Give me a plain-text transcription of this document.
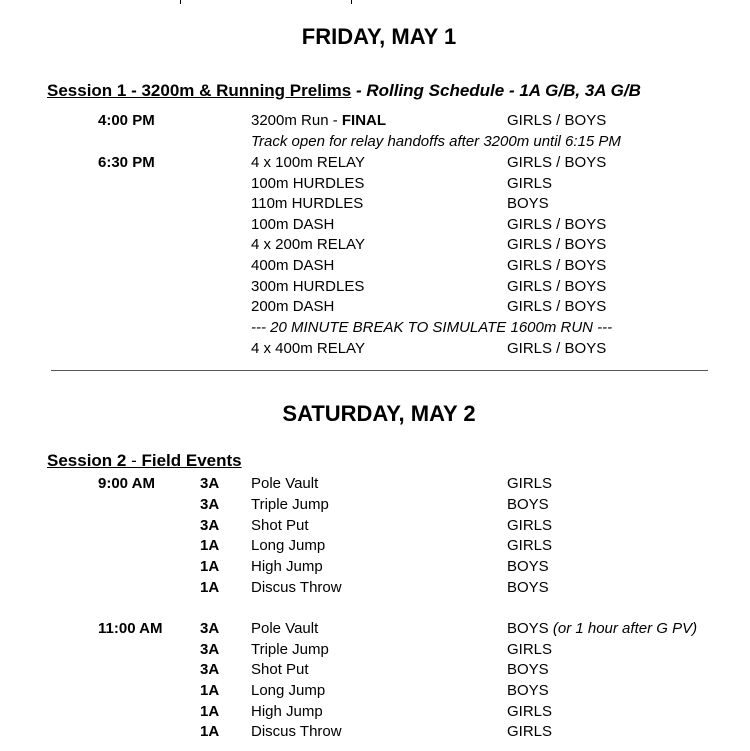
FRIDAY, MAY 1
Session 1 - 3200m & Running Prelims - Rolling Schedule - 1A G/B, 3A G/B
4:00 PM	3200m Run - FINAL	GIRLS / BOYS
Track open for relay handoffs after 3200m until 6:15 PM
6:30 PM	4 x 100m RELAY	GIRLS / BOYS
100m HURDLES	GIRLS
110m HURDLES	BOYS
100m DASH	GIRLS / BOYS
4 x 200m RELAY	GIRLS / BOYS
400m DASH	GIRLS / BOYS
300m HURDLES	GIRLS / BOYS
200m DASH	GIRLS / BOYS
--- 20 MINUTE BREAK TO SIMULATE 1600m RUN ---
4 x 400m RELAY	GIRLS / BOYS
SATURDAY, MAY 2
Session 2 - Field Events
9:00 AM	3A Pole Vault	GIRLS
3A Triple Jump	BOYS
3A Shot Put	GIRLS
1A Long Jump	GIRLS
1A High Jump	BOYS
1A Discus Throw	BOYS
11:00 AM	3A Pole Vault	BOYS (or 1 hour after G PV)
3A Triple Jump	GIRLS
3A Shot Put	BOYS
1A Long Jump	BOYS
1A High Jump	GIRLS
1A Discus Throw	GIRLS
